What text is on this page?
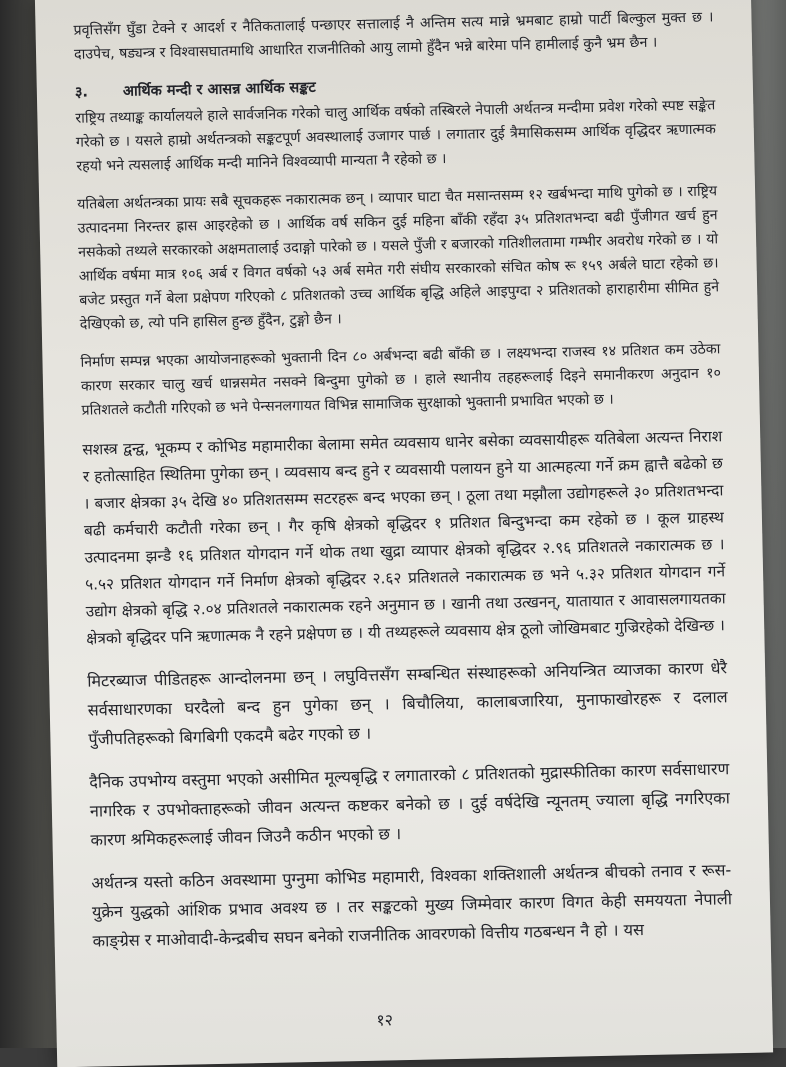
प्रवृत्तिसँग घुँडा टेक्ने र आदर्श र नैतिकतालाई पन्छाएर सत्तालाई नै अन्तिम सत्य मान्ने भ्रमबाट हाम्रो पार्टी बिल्कुल मुक्त छ । दाउपेच, षड्यन्त्र र विश्वासघातमाथि आधारित राजनीतिको आयु लामो हुँदैन भन्ने बारेमा पनि हामीलाई कुनै भ्रम छैन ।

३.	आर्थिक मन्दी र आसन्न आर्थिक सङ्कट

राष्ट्रिय तथ्याङ्क कार्यालयले हाले सार्वजनिक गरेको चालु आर्थिक वर्षको तस्बिरले नेपाली अर्थतन्त्र मन्दीमा प्रवेश गरेको स्पष्ट सङ्केत गरेको छ । यसले हाम्रो अर्थतन्त्रको सङ्कटपूर्ण अवस्थालाई उजागर पार्छ । लगातार दुई त्रैमासिकसम्म आर्थिक वृद्धिदर ऋणात्मक रहयो भने त्यसलाई आर्थिक मन्दी मानिने विश्वव्यापी मान्यता नै रहेको छ ।

यतिबेला अर्थतन्त्रका प्रायः सबै सूचकहरू नकारात्मक छन् । व्यापार घाटा चैत मसान्तसम्म १२ खर्बभन्दा माथि पुगेको छ । राष्ट्रिय उत्पादनमा निरन्तर ह्रास आइरहेको छ । आर्थिक वर्ष सकिन दुई महिना बाँकी रहँदा ३५ प्रतिशतभन्दा बढी पुँजीगत खर्च हुन नसकेको तथ्यले सरकारको अक्षमतालाई उदाङ्गो पारेको छ । यसले पुँजी र बजारको गतिशीलतामा गम्भीर अवरोध गरेको छ । यो आर्थिक वर्षमा मात्र १०६ अर्ब र विगत वर्षको ५३ अर्ब समेत गरी संघीय सरकारको संचित कोष रू १५९ अर्बले घाटा रहेको छ। बजेट प्रस्तुत गर्ने बेला प्रक्षेपण गरिएको ८ प्रतिशतको उच्च आर्थिक बृद्धि अहिले आइपुग्दा २ प्रतिशतको हाराहारीमा सीमित हुने देखिएको छ, त्यो पनि हासिल हुन्छ हुँदैन, टुङ्गो छैन ।

निर्माण सम्पन्न भएका आयोजनाहरूको भुक्तानी दिन ८० अर्बभन्दा बढी बाँकी छ । लक्ष्यभन्दा राजस्व १४ प्रतिशत कम उठेका कारण सरकार चालु खर्च धान्नसमेत नसक्ने बिन्दुमा पुगेको छ । हाले स्थानीय तहहरूलाई दिइने समानीकरण अनुदान १० प्रतिशतले कटौती गरिएको छ भने पेन्सनलगायत विभिन्न सामाजिक सुरक्षाको भुक्तानी प्रभावित भएको छ ।

सशस्त्र द्वन्द्व, भूकम्प र कोभिड महामारीका बेलामा समेत व्यवसाय धानेर बसेका व्यवसायीहरू यतिबेला अत्यन्त निराश र हतोत्साहित स्थितिमा पुगेका छन् । व्यवसाय बन्द हुने र व्यवसायी पलायन हुने या आत्महत्या गर्ने क्रम ह्वात्तै बढेको छ । बजार क्षेत्रका ३५ देखि ४० प्रतिशतसम्म सटरहरू बन्द भएका छन् । ठूला तथा मझौला उद्योगहरूले ३० प्रतिशतभन्दा बढी कर्मचारी कटौती गरेका छन् । गैर कृषि क्षेत्रको बृद्धिदर १ प्रतिशत बिन्दुभन्दा कम रहेको छ । कूल ग्राहस्थ उत्पादनमा झन्डै १६ प्रतिशत योगदान गर्ने थोक तथा खुद्रा व्यापार क्षेत्रको बृद्धिदर २.९६ प्रतिशतले नकारात्मक छ । ५.५२ प्रतिशत योगदान गर्ने निर्माण क्षेत्रको बृद्धिदर २.६२ प्रतिशतले नकारात्मक छ भने ५.३२ प्रतिशत योगदान गर्ने उद्योग क्षेत्रको बृद्धि २.०४ प्रतिशतले नकारात्मक रहने अनुमान छ । खानी तथा उत्खनन्, यातायात र आवासलगायतका क्षेत्रको बृद्धिदर पनि ऋणात्मक नै रहने प्रक्षेपण छ । यी तथ्यहरूले व्यवसाय क्षेत्र ठूलो जोखिमबाट गुज्रिरहेको देखिन्छ ।

मिटरब्याज पीडितहरू आन्दोलनमा छन् । लघुवित्तसँग सम्बन्धित संस्थाहरूको अनियन्त्रित व्याजका कारण धेरै सर्वसाधारणका घरदैलो बन्द हुन पुगेका छन् । बिचौलिया, कालाबजारिया, मुनाफाखोरहरू र दलाल पुँजीपतिहरूको बिगबिगी एकदमै बढेर गएको छ ।

दैनिक उपभोग्य वस्तुमा भएको असीमित मूल्यबृद्धि र लगातारको ८ प्रतिशतको मुद्रास्फीतिका कारण सर्वसाधारण नागरिक र उपभोक्ताहरूको जीवन अत्यन्त कष्टकर बनेको छ । दुई वर्षदेखि न्यूनतम् ज्याला बृद्धि नगरिएका कारण श्रमिकहरूलाई जीवन जिउनै कठीन भएको छ ।

अर्थतन्त्र यस्तो कठिन अवस्थामा पुग्नुमा कोभिड महामारी, विश्वका शक्तिशाली अर्थतन्त्र बीचको तनाव र रूस-युक्रेन युद्धको आंशिक प्रभाव अवश्य छ । तर सङ्कटको मुख्य जिम्मेवार कारण विगत केही समययता नेपाली काङ्ग्रेस र माओवादी-केन्द्रबीच सघन बनेको राजनीतिक आवरणको वित्तीय गठबन्धन नै हो । यस

१२
